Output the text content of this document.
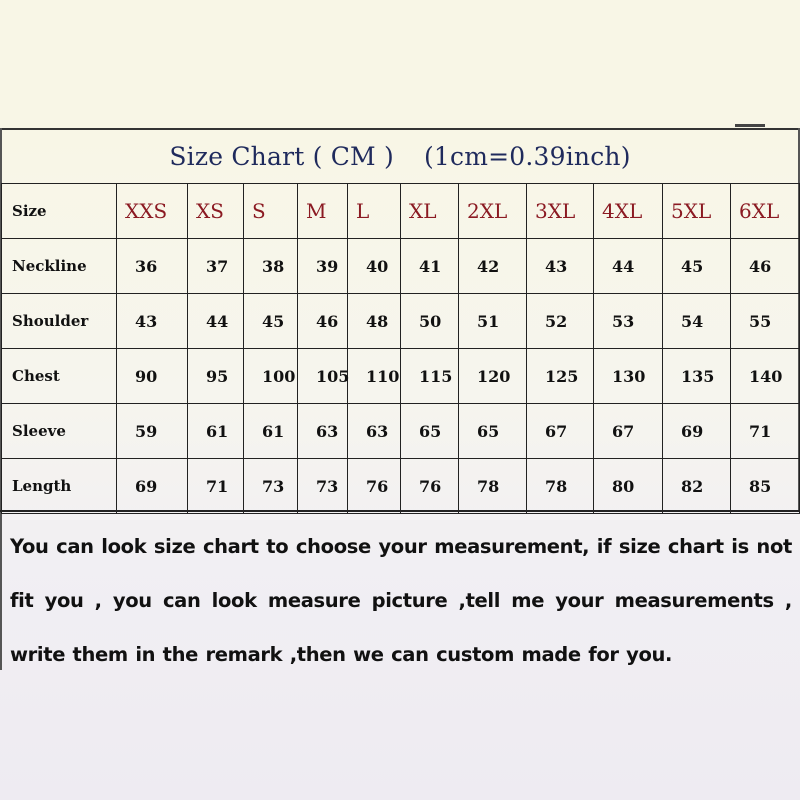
Size Chart ( CM ) (1cm=0.39inch)
Size	XXS	XS	S	M	L	XL	2XL	3XL	4XL	5XL	6XL
Neckline	36	37	38	39	40	41	42	43	44	45	46
Shoulder	43	44	45	46	48	50	51	52	53	54	55
Chest	90	95	100	105	110	115	120	125	130	135	140
Sleeve	59	61	61	63	63	65	65	67	67	69	71
Length	69	71	73	73	76	76	78	78	80	82	85
You can look size chart to choose your measurement, if size chart is not fit you , you can look measure picture ,tell me your measurements , write them in the remark ,then we can custom made for you.
